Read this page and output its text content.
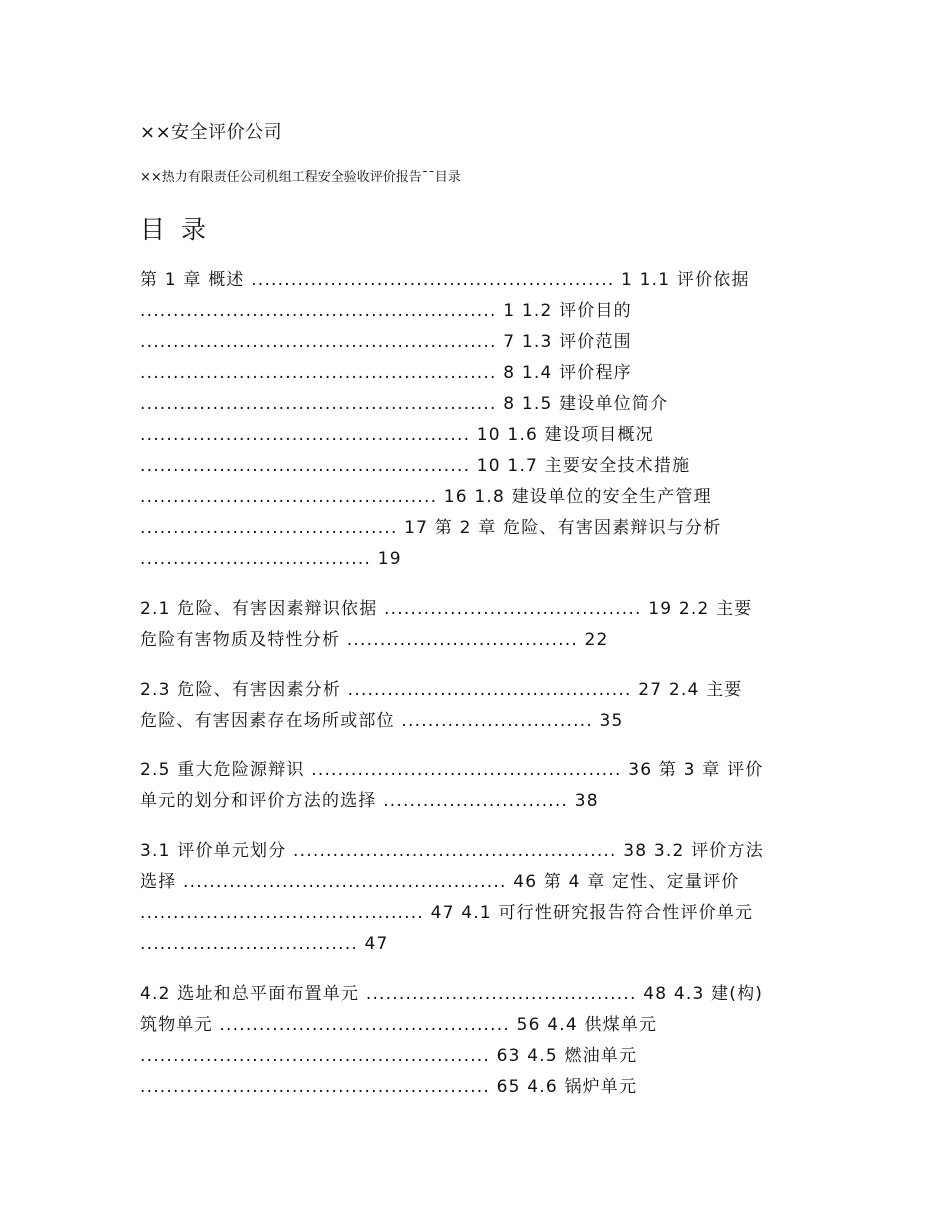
××安全评价公司
××热力有限责任公司机组工程安全验收评价报告¯¯目录
目 录
第 1 章 概述 ....................................................... 1 1.1 评价依据
...................................................... 1 1.2 评价目的
...................................................... 7 1.3 评价范围
...................................................... 8 1.4 评价程序
...................................................... 8 1.5 建设单位简介
.................................................. 10 1.6 建设项目概况
.................................................. 10 1.7 主要安全技术措施
............................................. 16 1.8 建设单位的安全生产管理
....................................... 17 第 2 章 危险、有害因素辩识与分析
................................... 19
2.1 危险、有害因素辩识依据 ....................................... 19 2.2 主要
危险有害物质及特性分析 ................................... 22
2.3 危险、有害因素分析 ........................................... 27 2.4 主要
危险、有害因素存在场所或部位 ............................. 35
2.5 重大危险源辩识 ............................................... 36 第 3 章 评价
单元的划分和评价方法的选择 ............................ 38
3.1 评价单元划分 ................................................. 38 3.2 评价方法
选择 ................................................. 46 第 4 章 定性、定量评价
........................................... 47 4.1 可行性研究报告符合性评价单元
................................. 47
4.2 选址和总平面布置单元 ......................................... 48 4.3 建(构)
筑物单元 ............................................ 56 4.4 供煤单元
..................................................... 63 4.5 燃油单元
..................................................... 65 4.6 锅炉单元
